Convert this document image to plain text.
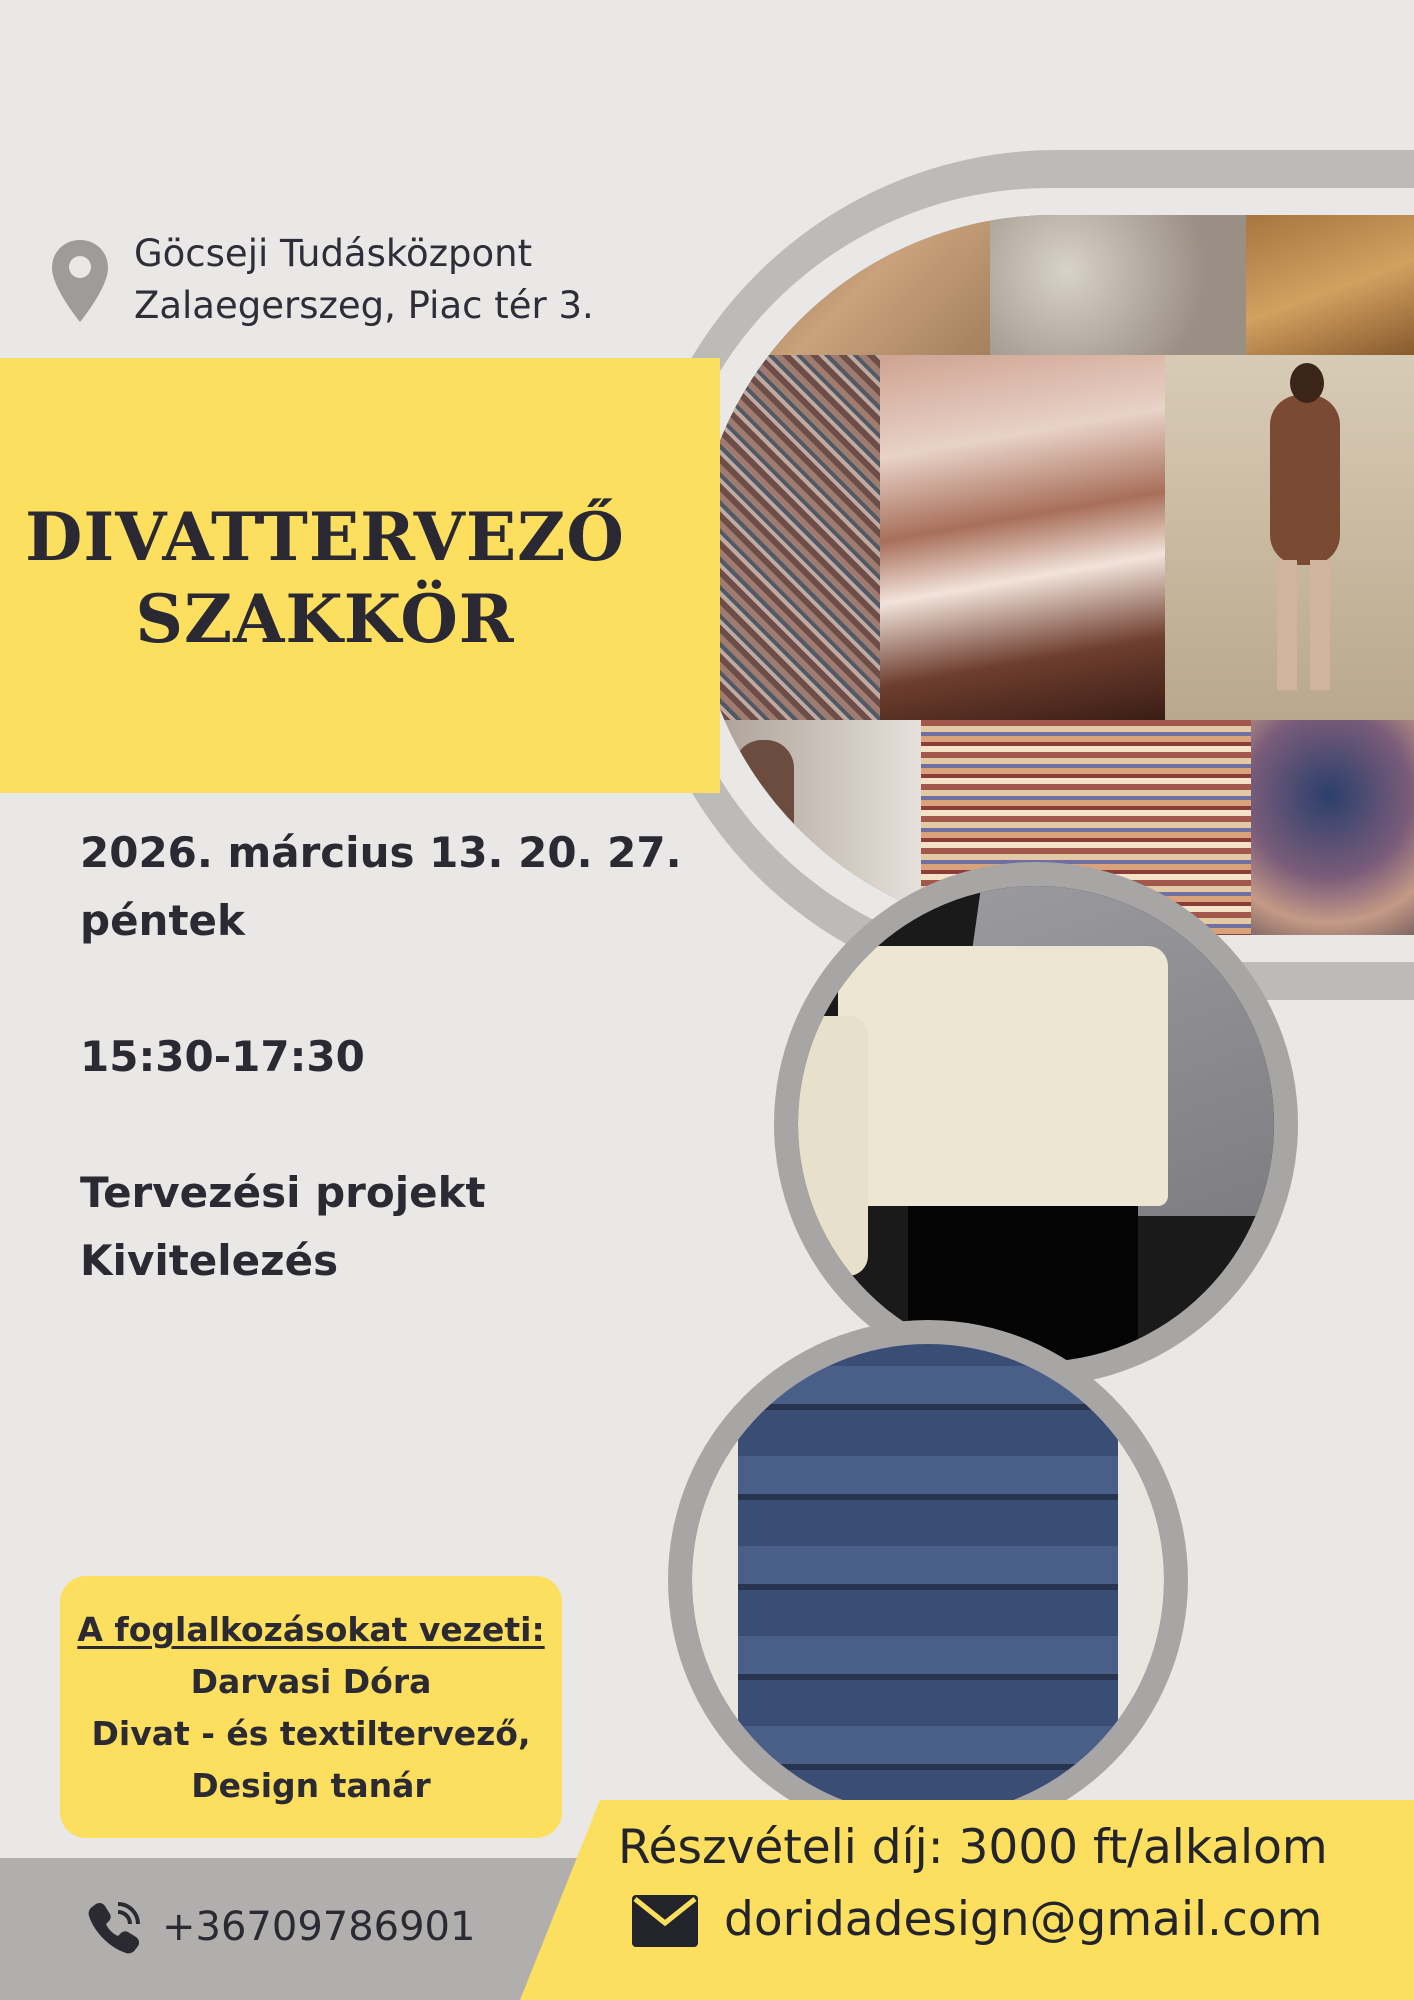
Göcseji Tudásközpont
Zalaegerszeg, Piac tér 3.
DIVATTERVEZŐ
SZAKKÖR
2026. március 13. 20. 27.
péntek
15:30-17:30
Tervezési projekt
Kivitelezés
A foglalkozásokat vezeti:
Darvasi Dóra
Divat - és textiltervező,
Design tanár
+36709786901
Részvételi díj: 3000 ft/alkalom
doridadesign@gmail.com
